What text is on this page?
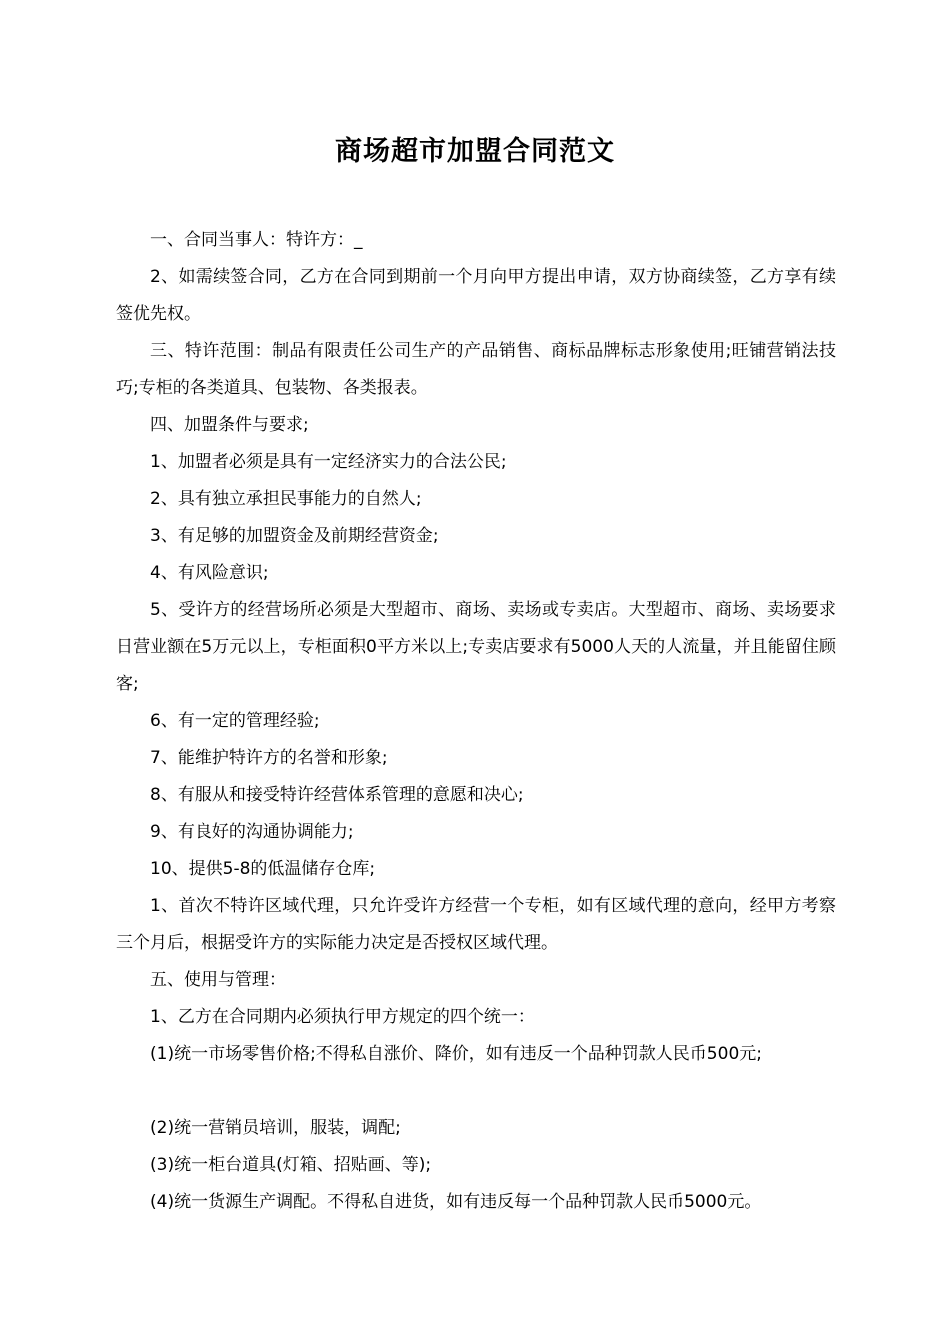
商场超市加盟合同范文

一、合同当事人：特许方：_

2、如需续签合同，乙方在合同到期前一个月向甲方提出申请，双方协商续签，乙方享有续签优先权。

三、特许范围：制品有限责任公司生产的产品销售、商标品牌标志形象使用;旺铺营销法技巧;专柜的各类道具、包装物、各类报表。

四、加盟条件与要求;

1、加盟者必须是具有一定经济实力的合法公民;

2、具有独立承担民事能力的自然人;

3、有足够的加盟资金及前期经营资金;

4、有风险意识;

5、受许方的经营场所必须是大型超市、商场、卖场或专卖店。大型超市、商场、卖场要求日营业额在5万元以上，专柜面积0平方米以上;专卖店要求有5000人天的人流量，并且能留住顾客;

6、有一定的管理经验;

7、能维护特许方的名誉和形象;

8、有服从和接受特许经营体系管理的意愿和决心;

9、有良好的沟通协调能力;

10、提供5-8的低温储存仓库;

1、首次不特许区域代理，只允许受许方经营一个专柜，如有区域代理的意向，经甲方考察三个月后，根据受许方的实际能力决定是否授权区域代理。

五、使用与管理：

1、乙方在合同期内必须执行甲方规定的四个统一：

(1)统一市场零售价格;不得私自涨价、降价，如有违反一个品种罚款人民币500元;

(2)统一营销员培训，服装，调配;

(3)统一柜台道具(灯箱、招贴画、等);

(4)统一货源生产调配。不得私自进货，如有违反每一个品种罚款人民币5000元。
